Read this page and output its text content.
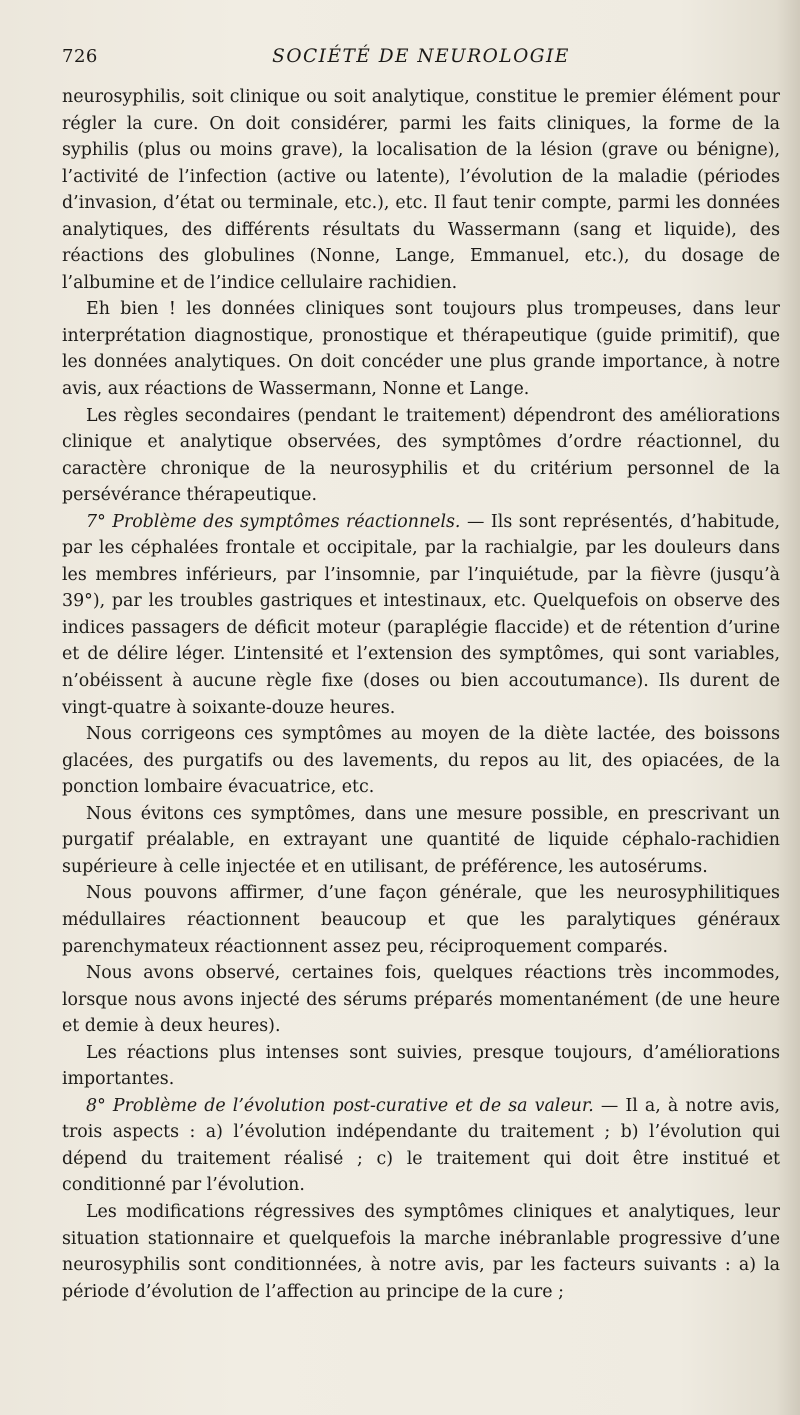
726	SOCIÉTÉ DE NEUROLOGIE

neurosyphilis, soit clinique ou soit analytique, constitue le premier élément pour régler la cure. On doit considérer, parmi les faits cliniques, la forme de la syphilis (plus ou moins grave), la localisation de la lésion (grave ou bénigne), l’activité de l’infection (active ou latente), l’évolution de la maladie (périodes d’invasion, d’état ou terminale, etc.), etc. Il faut tenir compte, parmi les données analytiques, des différents résultats du Wassermann (sang et liquide), des réactions des globulines (Nonne, Lange, Emmanuel, etc.), du dosage de l’albumine et de l’indice cellulaire rachidien.

Eh bien ! les données cliniques sont toujours plus trompeuses, dans leur interprétation diagnostique, pronostique et thérapeutique (guide primitif), que les données analytiques. On doit concéder une plus grande importance, à notre avis, aux réactions de Wassermann, Nonne et Lange.

Les règles secondaires (pendant le traitement) dépendront des améliorations clinique et analytique observées, des symptômes d’ordre réactionnel, du caractère chronique de la neurosyphilis et du critérium personnel de la persévérance thérapeutique.

7° Problème des symptômes réactionnels. — Ils sont représentés, d’habitude, par les céphalées frontale et occipitale, par la rachialgie, par les douleurs dans les membres inférieurs, par l’insomnie, par l’inquiétude, par la fièvre (jusqu’à 39°), par les troubles gastriques et intestinaux, etc. Quelquefois on observe des indices passagers de déficit moteur (paraplégie flaccide) et de rétention d’urine et de délire léger. L’intensité et l’extension des symptômes, qui sont variables, n’obéissent à aucune règle fixe (doses ou bien accoutumance). Ils durent de vingt-quatre à soixante-douze heures.

Nous corrigeons ces symptômes au moyen de la diète lactée, des boissons glacées, des purgatifs ou des lavements, du repos au lit, des opiacées, de la ponction lombaire évacuatrice, etc.

Nous évitons ces symptômes, dans une mesure possible, en prescrivant un purgatif préalable, en extrayant une quantité de liquide céphalo-rachidien supérieure à celle injectée et en utilisant, de préférence, les autosérums.

Nous pouvons affirmer, d’une façon générale, que les neurosyphilitiques médullaires réactionnent beaucoup et que les paralytiques généraux parenchymateux réactionnent assez peu, réciproquement comparés.

Nous avons observé, certaines fois, quelques réactions très incommodes, lorsque nous avons injecté des sérums préparés momentanément (de une heure et demie à deux heures).

Les réactions plus intenses sont suivies, presque toujours, d’améliorations importantes.

8° Problème de l’évolution post-curative et de sa valeur. — Il a, à notre avis, trois aspects : a) l’évolution indépendante du traitement ; b) l’évolution qui dépend du traitement réalisé ; c) le traitement qui doit être institué et conditionné par l’évolution.

Les modifications régressives des symptômes cliniques et analytiques, leur situation stationnaire et quelquefois la marche inébranlable progressive d’une neurosyphilis sont conditionnées, à notre avis, par les facteurs suivants : a) la période d’évolution de l’affection au principe de la cure ;
